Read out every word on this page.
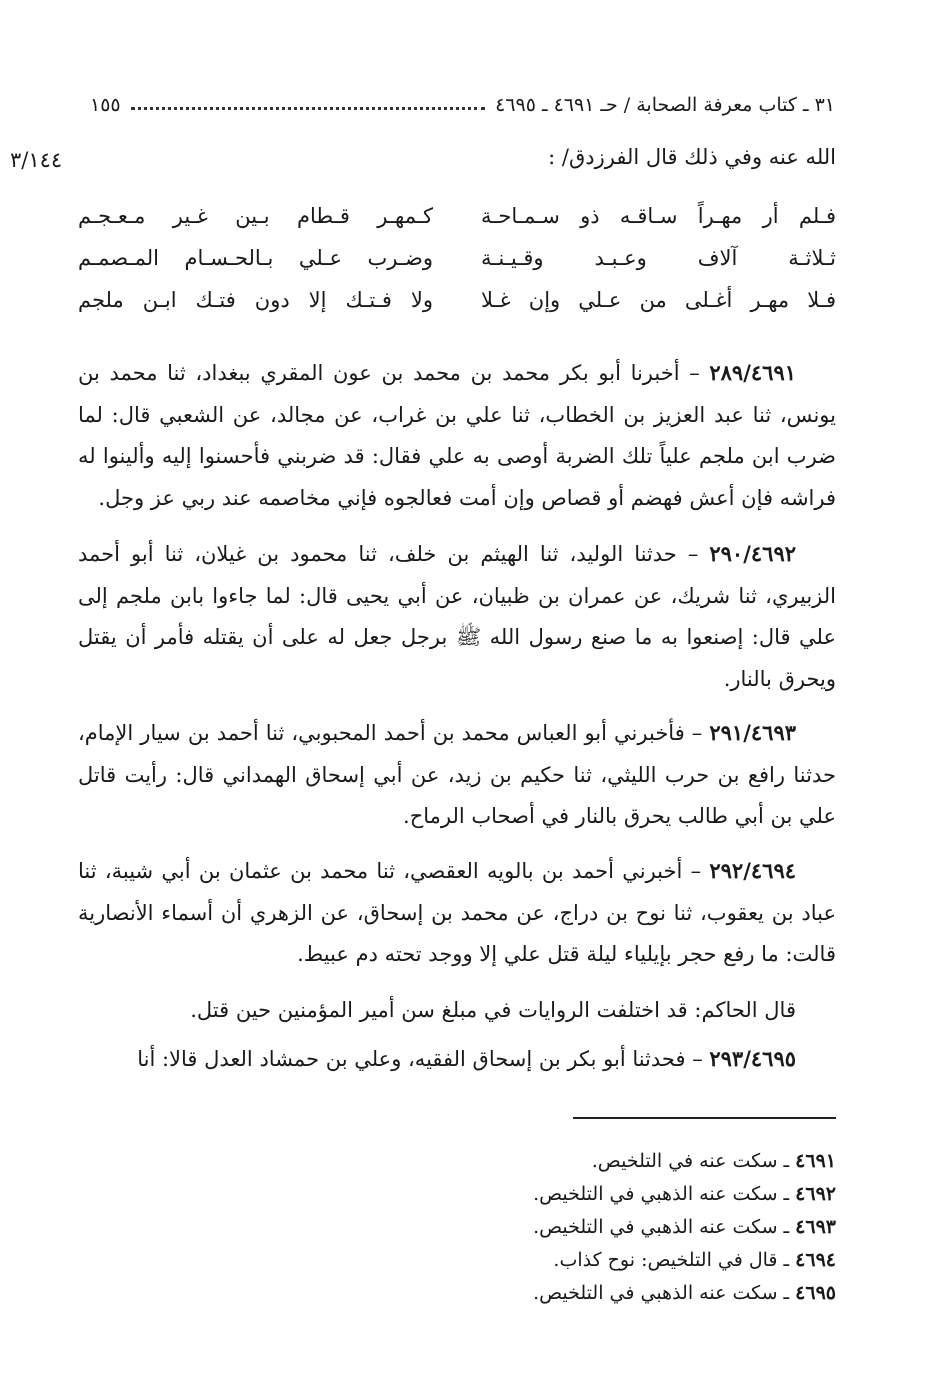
٣١ ـ كتاب معرفة الصحابة / حـ ٤٦٩١ ـ ٤٦٩٥
١٥٥
٣/١٤٤	الله عنه وفي ذلك قال الفرزدق/ :
فـلم أر مهـراً سـاقـه ذو سـمـاحـة
كـمهـر قـطام بـين غـير مـعـجـم
ثـلاثـة آلاف وعـبـد وقـيـنـة
وضـرب عـلي بـالحـسـام المـصمـم
فـلا مهـر أغـلى من عـلي وإن غـلا
ولا فـتـك إلا دون فتـك ابـن ملجم

٢٨٩/٤٦٩١ – أخبرنا أبو بكر محمد بن محمد بن عون المقري ببغداد، ثنا محمد بن يونس، ثنا عبد العزيز بن الخطاب، ثنا علي بن غراب، عن مجالد، عن الشعبي قال: لما ضرب ابن ملجم علياً تلك الضربة أوصى به علي فقال: قد ضربني فأحسنوا إليه وألينوا له فراشه فإن أعش فهضم أو قصاص وإن أمت فعالجوه فإني مخاصمه عند ربي عز وجل.

٢٩٠/٤٦٩٢ – حدثنا الوليد، ثنا الهيثم بن خلف، ثنا محمود بن غيلان، ثنا أبو أحمد الزبيري، ثنا شريك، عن عمران بن ظبيان، عن أبي يحيى قال: لما جاءوا بابن ملجم إلى علي قال: إصنعوا به ما صنع رسول الله ﷺ برجل جعل له على أن يقتله فأمر أن يقتل ويحرق بالنار.

٢٩١/٤٦٩٣ – فأخبرني أبو العباس محمد بن أحمد المحبوبي، ثنا أحمد بن سيار الإمام، حدثنا رافع بن حرب الليثي، ثنا حكيم بن زيد، عن أبي إسحاق الهمداني قال: رأيت قاتل علي بن أبي طالب يحرق بالنار في أصحاب الرماح.

٢٩٢/٤٦٩٤ – أخبرني أحمد بن بالويه العقصي، ثنا محمد بن عثمان بن أبي شيبة، ثنا عباد بن يعقوب، ثنا نوح بن دراج، عن محمد بن إسحاق، عن الزهري أن أسماء الأنصارية قالت: ما رفع حجر بإيلياء ليلة قتل علي إلا ووجد تحته دم عبيط.

قال الحاكم: قد اختلفت الروايات في مبلغ سن أمير المؤمنين حين قتل.

٢٩٣/٤٦٩٥ – فحدثنا أبو بكر بن إسحاق الفقيه، وعلي بن حمشاد العدل قالا: أنا

٤٦٩١ ـ سكت عنه في التلخيص.
٤٦٩٢ ـ سكت عنه الذهبي في التلخيص.
٤٦٩٣ ـ سكت عنه الذهبي في التلخيص.
٤٦٩٤ ـ قال في التلخيص: نوح كذاب.
٤٦٩٥ ـ سكت عنه الذهبي في التلخيص.
